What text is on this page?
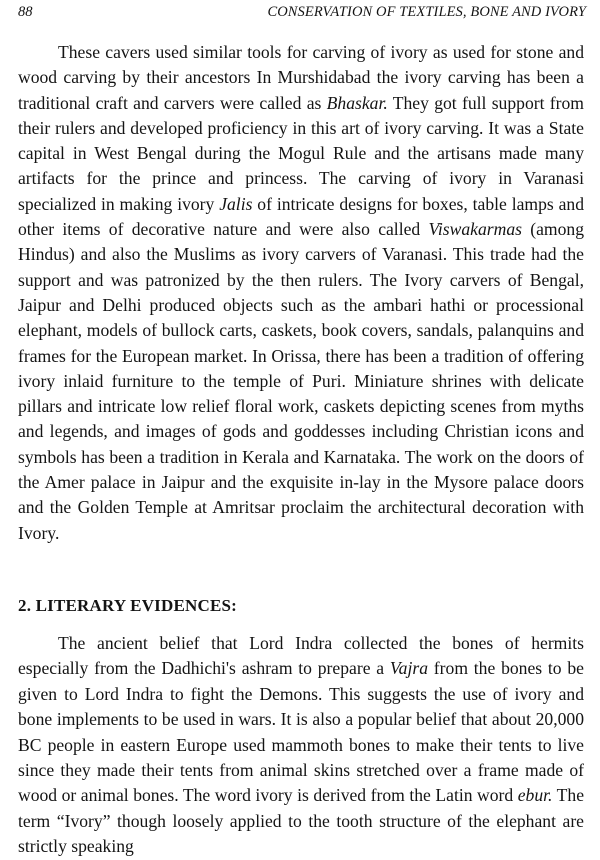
88	CONSERVATION OF TEXTILES, BONE AND IVORY

These cavers used similar tools for carving of ivory as used for stone and wood carving by their ancestors In Murshidabad the ivory carving has been a traditional craft and carvers were called as Bhaskar. They got full support from their rulers and developed proficiency in this art of ivory carving. It was a State capital in West Bengal during the Mogul Rule and the artisans made many artifacts for the prince and princess. The carving of ivory in Varanasi specialized in making ivory Jalis of intricate designs for boxes, table lamps and other items of decorative nature and were also called Viswakarmas (among Hindus) and also the Muslims as ivory carvers of Varanasi. This trade had the support and was patronized by the then rulers. The Ivory carvers of Bengal, Jaipur and Delhi produced objects such as the ambari hathi or processional elephant, models of bullock carts, caskets, book covers, sandals, palanquins and frames for the European market. In Orissa, there has been a tradition of offering ivory inlaid furniture to the temple of Puri. Miniature shrines with delicate pillars and intricate low relief floral work, caskets depicting scenes from myths and legends, and images of gods and goddesses including Christian icons and symbols has been a tradition in Kerala and Karnataka. The work on the doors of the Amer palace in Jaipur and the exquisite in-lay in the Mysore palace doors and the Golden Temple at Amritsar proclaim the architectural decoration with Ivory.

2. LITERARY EVIDENCES:

The ancient belief that Lord Indra collected the bones of hermits especially from the Dadhichi's ashram to prepare a Vajra from the bones to be given to Lord Indra to fight the Demons. This suggests the use of ivory and bone implements to be used in wars. It is also a popular belief that about 20,000 BC people in eastern Europe used mammoth bones to make their tents to live since they made their tents from animal skins stretched over a frame made of wood or animal bones. The word ivory is derived from the Latin word ebur. The term “Ivory” though loosely applied to the tooth structure of the elephant are strictly speaking
